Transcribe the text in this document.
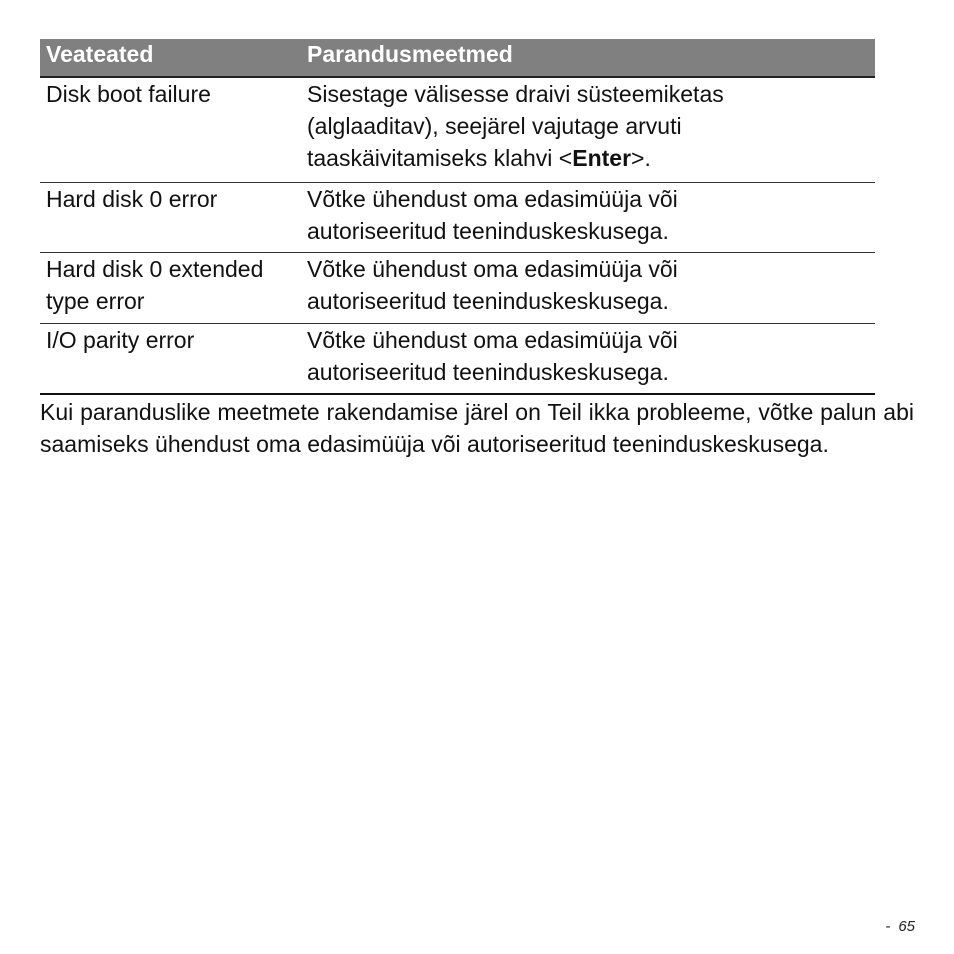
Veateated	Parandusmeetmed
Disk boot failure	Sisestage välisesse draivi süsteemiketas
(alglaaditav), seejärel vajutage arvuti
taaskäivitamiseks klahvi <Enter>.
Hard disk 0 error	Võtke ühendust oma edasimüüja või
autoriseeritud teeninduskeskusega.
Hard disk 0 extended
type error	Võtke ühendust oma edasimüüja või
autoriseeritud teeninduskeskusega.
I/O parity error	Võtke ühendust oma edasimüüja või
autoriseeritud teeninduskeskusega.

Kui paranduslike meetmete rakendamise järel on Teil ikka probleeme, võtke palun abi saamiseks ühendust oma edasimüüja või autoriseeritud teeninduskeskusega.

- 65
